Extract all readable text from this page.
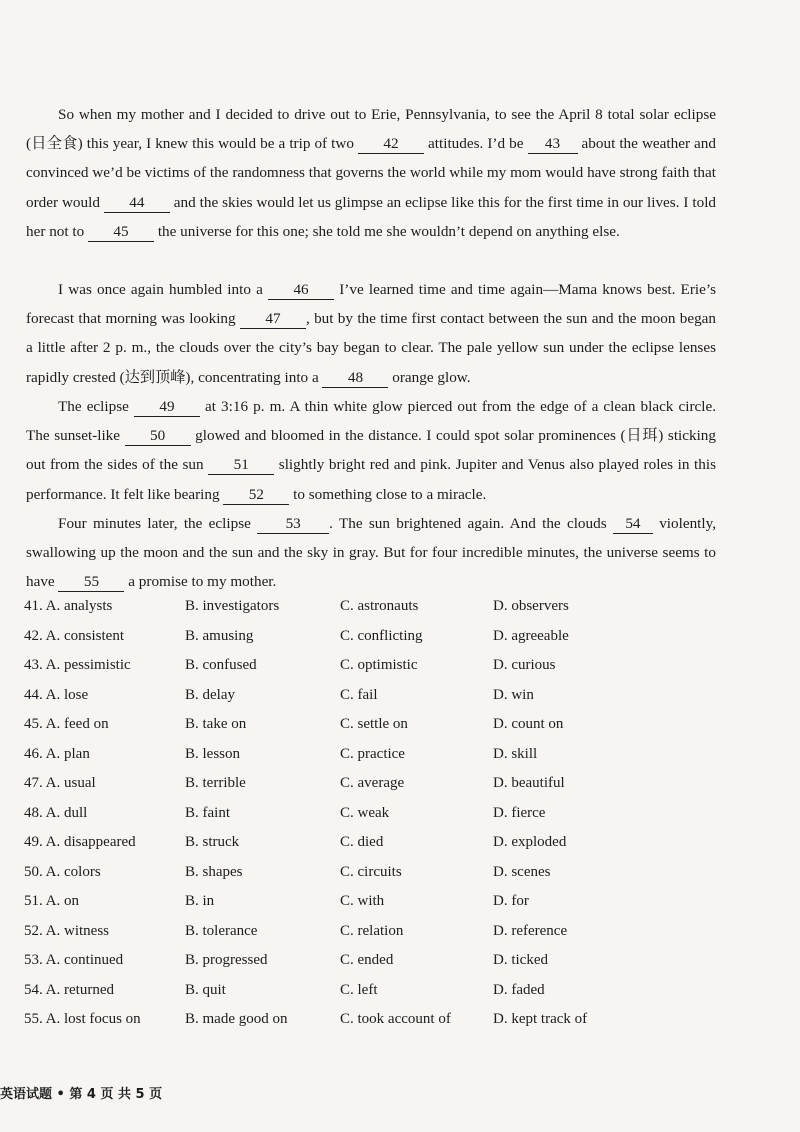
So when my mother and I decided to drive out to Erie, Pennsylvania, to see the April 8 total solar eclipse (日全食) this year, I knew this would be a trip of two 42 attitudes. I’d be 43 about the weather and convinced we’d be victims of the randomness that governs the world while my mom would have strong faith that order would 44 and the skies would let us glimpse an eclipse like this for the first time in our lives. I told her not to 45 the universe for this one; she told me she wouldn’t depend on anything else.

I was once again humbled into a 46 I’ve learned time and time again—Mama knows best. Erie’s forecast that morning was looking 47 , but by the time first contact between the sun and the moon began a little after 2 p. m., the clouds over the city’s bay began to clear. The pale yellow sun under the eclipse lenses rapidly crested (达到顶峰), concentrating into a 48 orange glow.

The eclipse 49 at 3:16 p. m. A thin white glow pierced out from the edge of a clean black circle. The sunset-like 50 glowed and bloomed in the distance. I could spot solar prominences (日珥) sticking out from the sides of the sun 51 slightly bright red and pink. Jupiter and Venus also played roles in this performance. It felt like bearing 52 to something close to a miracle.

Four minutes later, the eclipse 53 . The sun brightened again. And the clouds 54 violently, swallowing up the moon and the sun and the sky in gray. But for four incredible minutes, the universe seems to have 55 a promise to my mother.

41. A. analysts	B. investigators	C. astronauts	D. observers
42. A. consistent	B. amusing	C. conflicting	D. agreeable
43. A. pessimistic	B. confused	C. optimistic	D. curious
44. A. lose	B. delay	C. fail	D. win
45. A. feed on	B. take on	C. settle on	D. count on
46. A. plan	B. lesson	C. practice	D. skill
47. A. usual	B. terrible	C. average	D. beautiful
48. A. dull	B. faint	C. weak	D. fierce
49. A. disappeared	B. struck	C. died	D. exploded
50. A. colors	B. shapes	C. circuits	D. scenes
51. A. on	B. in	C. with	D. for
52. A. witness	B. tolerance	C. relation	D. reference
53. A. continued	B. progressed	C. ended	D. ticked
54. A. returned	B. quit	C. left	D. faded
55. A. lost focus on	B. made good on	C. took account of	D. kept track of
英语试题 • 第 4 页 共 5 页
